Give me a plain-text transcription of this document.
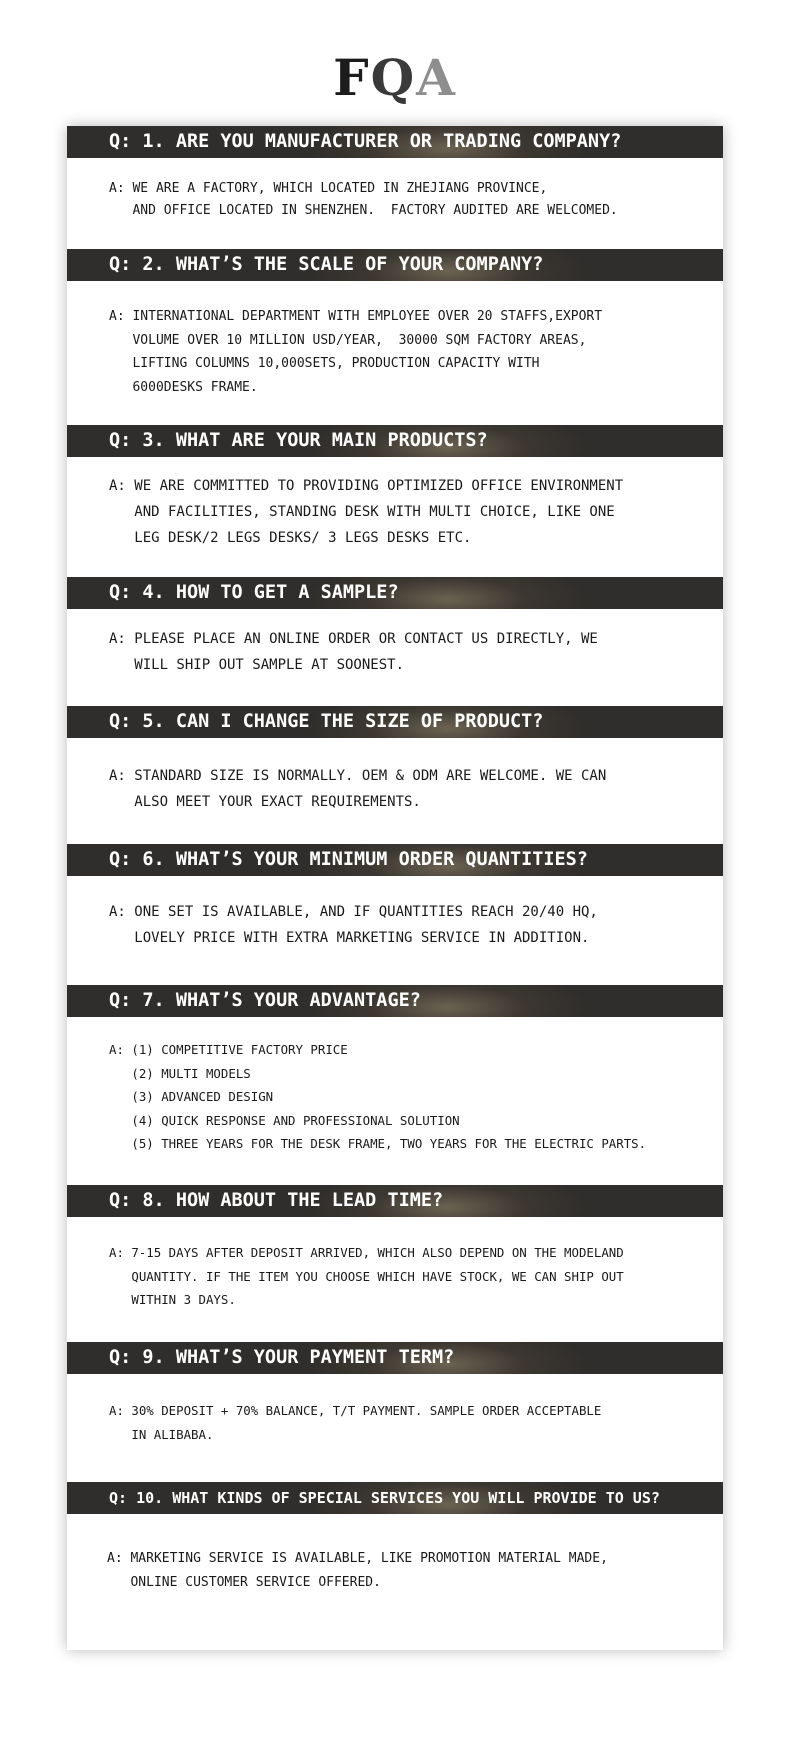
FQA
Q: 1. ARE YOU MANUFACTURER OR TRADING COMPANY?
A: WE ARE A FACTORY, WHICH LOCATED IN ZHEJIANG PROVINCE,
AND OFFICE LOCATED IN SHENZHEN.  FACTORY AUDITED ARE WELCOMED.
Q: 2. WHAT’S THE SCALE OF YOUR COMPANY?
A: INTERNATIONAL DEPARTMENT WITH EMPLOYEE OVER 20 STAFFS,EXPORT
VOLUME OVER 10 MILLION USD/YEAR,  30000 SQM FACTORY AREAS,
LIFTING COLUMNS 10,000SETS, PRODUCTION CAPACITY WITH
6000DESKS FRAME.
Q: 3. WHAT ARE YOUR MAIN PRODUCTS?
A: WE ARE COMMITTED TO PROVIDING OPTIMIZED OFFICE ENVIRONMENT
AND FACILITIES, STANDING DESK WITH MULTI CHOICE, LIKE ONE
LEG DESK/2 LEGS DESKS/ 3 LEGS DESKS ETC.
Q: 4. HOW TO GET A SAMPLE?
A: PLEASE PLACE AN ONLINE ORDER OR CONTACT US DIRECTLY, WE
WILL SHIP OUT SAMPLE AT SOONEST.
Q: 5. CAN I CHANGE THE SIZE OF PRODUCT?
A: STANDARD SIZE IS NORMALLY. OEM & ODM ARE WELCOME. WE CAN
ALSO MEET YOUR EXACT REQUIREMENTS.
Q: 6. WHAT’S YOUR MINIMUM ORDER QUANTITIES?
A: ONE SET IS AVAILABLE, AND IF QUANTITIES REACH 20/40 HQ,
LOVELY PRICE WITH EXTRA MARKETING SERVICE IN ADDITION.
Q: 7. WHAT’S YOUR ADVANTAGE?
A: (1) COMPETITIVE FACTORY PRICE
(2) MULTI MODELS
(3) ADVANCED DESIGN
(4) QUICK RESPONSE AND PROFESSIONAL SOLUTION
(5) THREE YEARS FOR THE DESK FRAME, TWO YEARS FOR THE ELECTRIC PARTS.
Q: 8. HOW ABOUT THE LEAD TIME?
A: 7-15 DAYS AFTER DEPOSIT ARRIVED, WHICH ALSO DEPEND ON THE MODELAND
QUANTITY. IF THE ITEM YOU CHOOSE WHICH HAVE STOCK, WE CAN SHIP OUT
WITHIN 3 DAYS.
Q: 9. WHAT’S YOUR PAYMENT TERM?
A: 30% DEPOSIT + 70% BALANCE, T/T PAYMENT. SAMPLE ORDER ACCEPTABLE
IN ALIBABA.
Q: 10. WHAT KINDS OF SPECIAL SERVICES YOU WILL PROVIDE TO US?
A: MARKETING SERVICE IS AVAILABLE, LIKE PROMOTION MATERIAL MADE,
ONLINE CUSTOMER SERVICE OFFERED.
